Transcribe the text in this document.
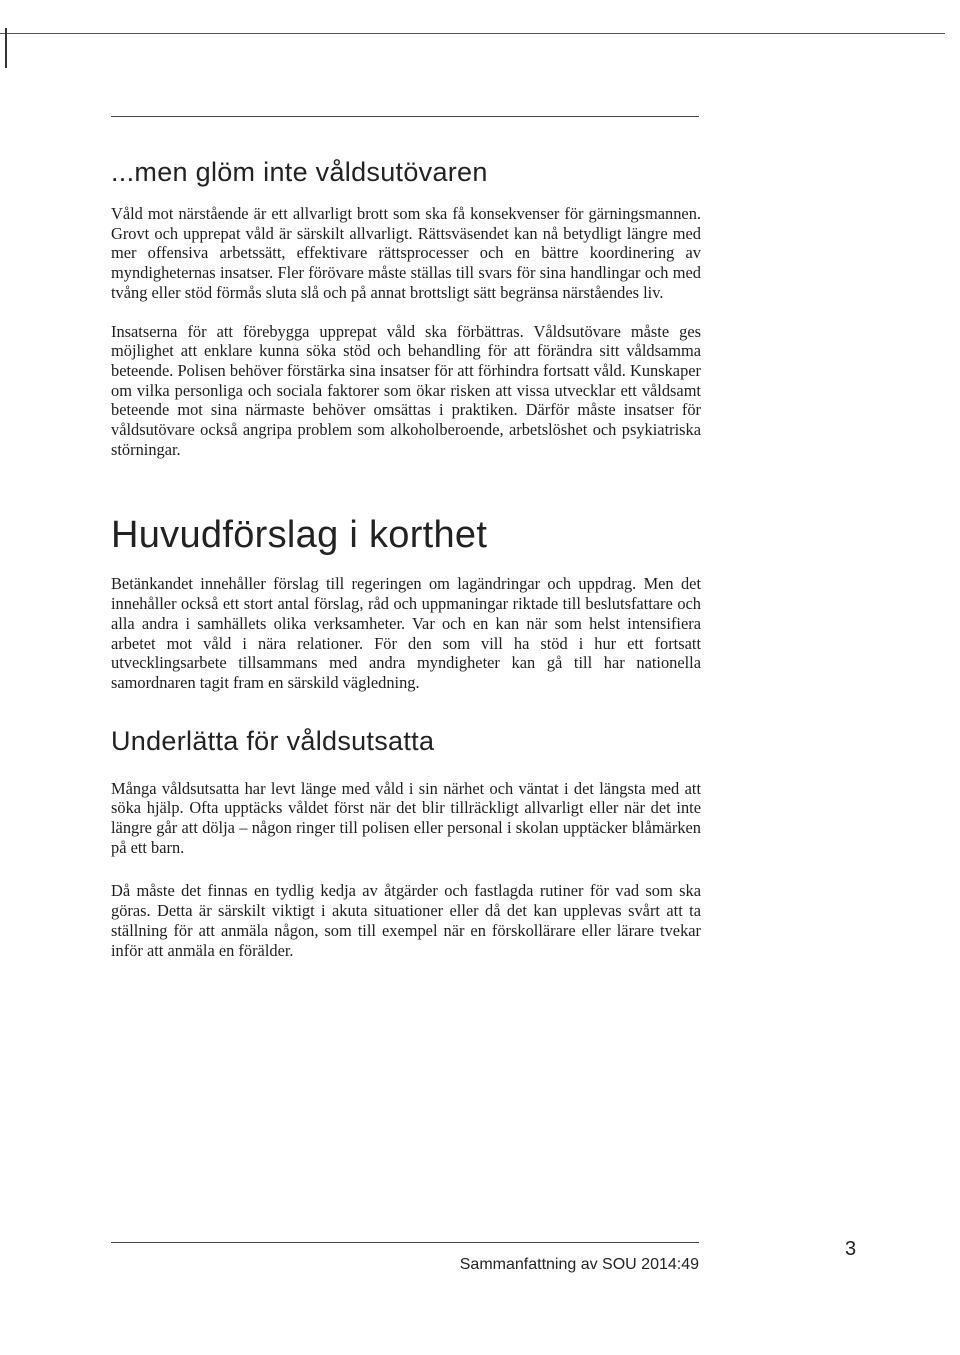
...men glöm inte våldsutövaren

Våld mot närstående är ett allvarligt brott som ska få konsekvenser för gärningsmannen. Grovt och upprepat våld är särskilt allvarligt. Rättsväsendet kan nå betydligt längre med mer offensiva arbetssätt, effektivare rättsprocesser och en bättre koordinering av myndigheternas insatser. Fler förövare måste ställas till svars för sina handlingar och med tvång eller stöd förmås sluta slå och på annat brottsligt sätt begränsa närståendes liv.

Insatserna för att förebygga upprepat våld ska förbättras. Våldsutövare måste ges möjlighet att enklare kunna söka stöd och behandling för att förändra sitt våldsamma beteende. Polisen behöver förstärka sina insatser för att förhindra fortsatt våld. Kunskaper om vilka personliga och sociala faktorer som ökar risken att vissa utvecklar ett våldsamt beteende mot sina närmaste behöver omsättas i praktiken. Därför måste insatser för våldsutövare också angripa problem som alkoholberoende, arbetslöshet och psykiatriska störningar.

Huvudförslag i korthet

Betänkandet innehåller förslag till regeringen om lagändringar och uppdrag. Men det innehåller också ett stort antal förslag, råd och uppmaningar riktade till beslutsfattare och alla andra i samhällets olika verksamheter. Var och en kan när som helst intensifiera arbetet mot våld i nära relationer. För den som vill ha stöd i hur ett fortsatt utvecklingsarbete tillsammans med andra myndigheter kan gå till har nationella samordnaren tagit fram en särskild vägledning.

Underlätta för våldsutsatta

Många våldsutsatta har levt länge med våld i sin närhet och väntat i det längsta med att söka hjälp. Ofta upptäcks våldet först när det blir tillräckligt allvarligt eller när det inte längre går att dölja – någon ringer till polisen eller personal i skolan upptäcker blåmärken på ett barn.

Då måste det finnas en tydlig kedja av åtgärder och fastlagda rutiner för vad som ska göras. Detta är särskilt viktigt i akuta situationer eller då det kan upplevas svårt att ta ställning för att anmäla någon, som till exempel när en förskollärare eller lärare tvekar inför att anmäla en förälder.

Sammanfattning av SOU 2014:49
3
